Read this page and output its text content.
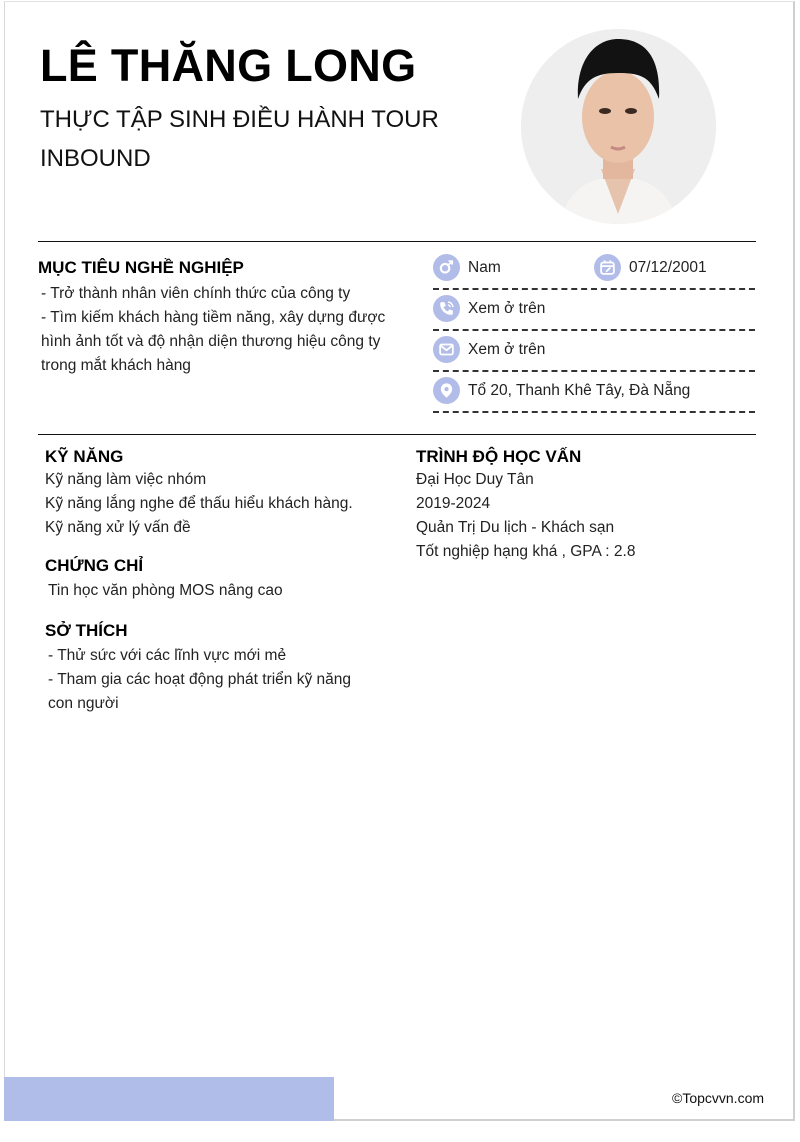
LÊ THĂNG LONG
THỰC TẬP SINH ĐIỀU HÀNH TOUR INBOUND
MỤC TIÊU NGHỀ NGHIỆP
- Trở thành nhân viên chính thức của công ty
- Tìm kiếm khách hàng tiềm năng, xây dựng được hình ảnh tốt và độ nhận diện thương hiệu công ty trong mắt khách hàng
Nam	07/12/2001
Xem ở trên
Xem ở trên
Tổ 20, Thanh Khê Tây, Đà Nẵng
KỸ NĂNG
Kỹ năng làm việc nhóm
Kỹ năng lắng nghe để thấu hiểu khách hàng.
Kỹ năng xử lý vấn đề
CHỨNG CHỈ
Tin học văn phòng MOS nâng cao
SỞ THÍCH
- Thử sức với các lĩnh vực mới mẻ
- Tham gia các hoạt động phát triển kỹ năng con người
TRÌNH ĐỘ HỌC VẤN
Đại Học Duy Tân
2019-2024
Quản Trị Du lịch - Khách sạn
Tốt nghiệp hạng khá , GPA : 2.8
©Topcvvn.com
